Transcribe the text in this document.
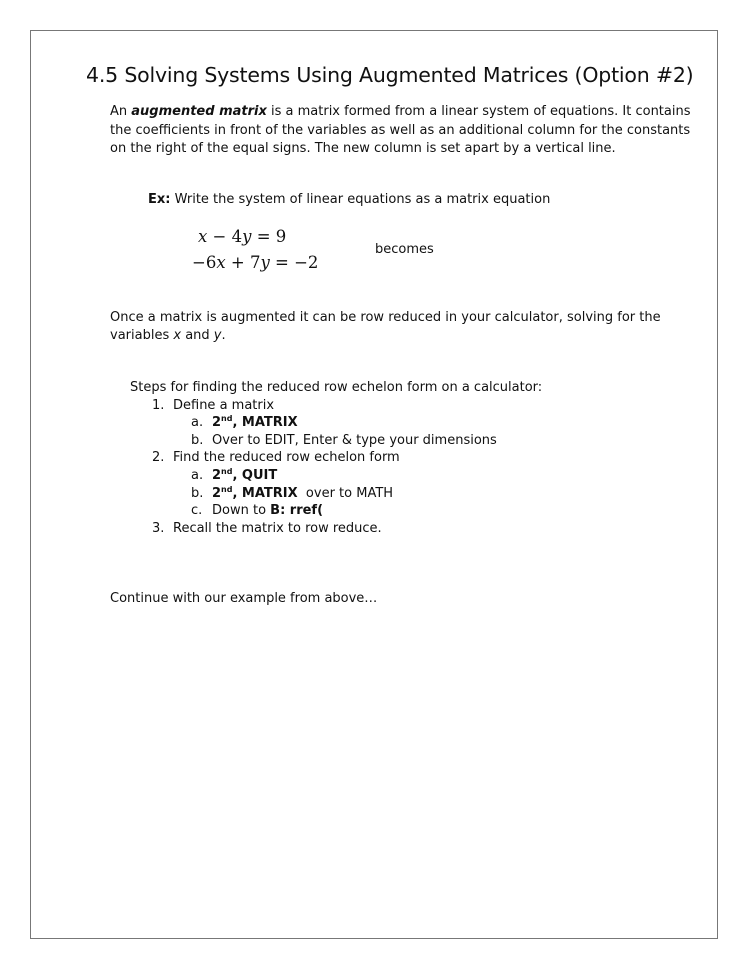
4.5 Solving Systems Using Augmented Matrices (Option #2)
An augmented matrix is a matrix formed from a linear system of equations. It contains
the coefficients in front of the variables as well as an additional column for the constants
on the right of the equal signs. The new column is set apart by a vertical line.
Ex: Write the system of linear equations as a matrix equation
x − 4y = 9
−6x + 7y = −2
becomes
Once a matrix is augmented it can be row reduced in your calculator, solving for the
variables x and y.
Steps for finding the reduced row echelon form on a calculator:
1. Define a matrix
a. 2nd, MATRIX
b. Over to EDIT, Enter & type your dimensions
2. Find the reduced row echelon form
a. 2nd, QUIT
b. 2nd, MATRIX  over to MATH
c. Down to B: rref(
3. Recall the matrix to row reduce.
Continue with our example from above…
